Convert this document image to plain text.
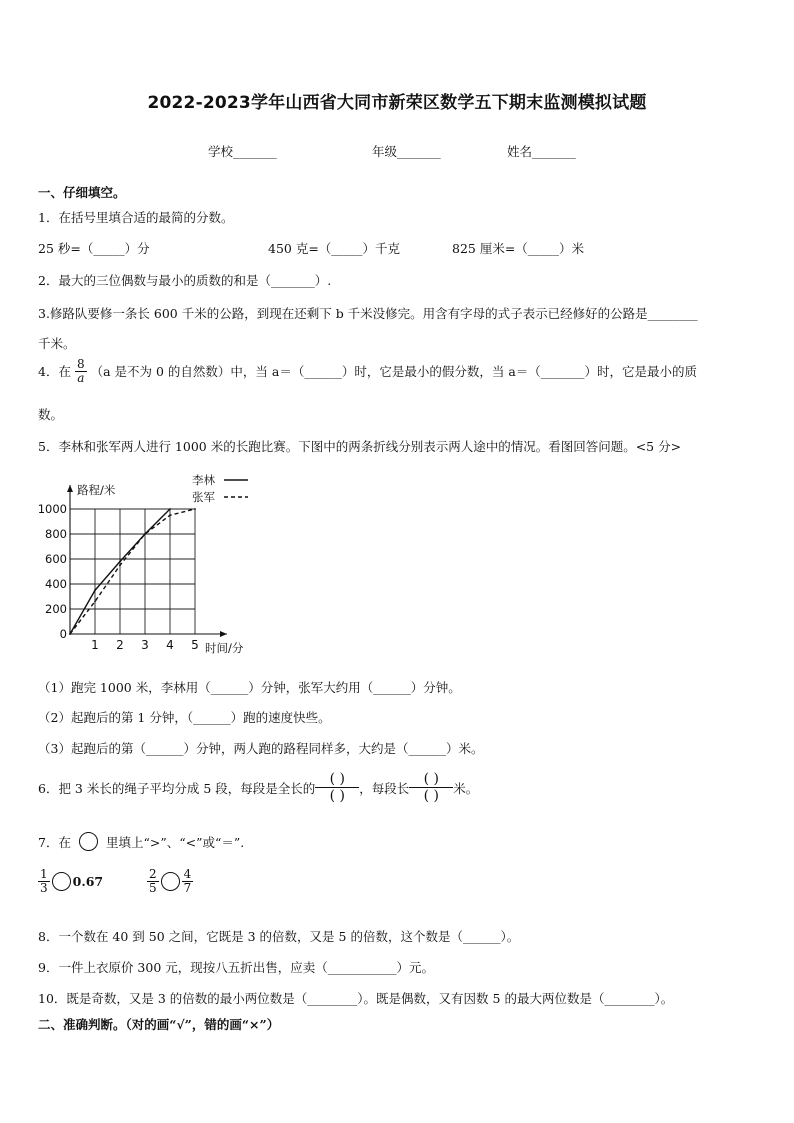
2022-2023学年山西省大同市新荣区数学五下期末监测模拟试题
学校_______	年级_______	姓名_______
一、仔细填空。
1．在括号里填合适的最简的分数。
25 秒=（_____）分	450 克=（_____）千克	825 厘米=（_____）米
2．最大的三位偶数与最小的质数的和是（_______）.
3.修路队要修一条长 600 千米的公路，到现在还剩下 b 千米没修完。用含有字母的式子表示已经修好的公路是________
千米。
4．在 $\frac{8}{a} (a$ 是不为 0 的自然数）中，当 a＝（______）时，它是最小的假分数，当 a＝（_______）时，它是最小的质
数。
5．李林和张军两人进行 1000 米的长跑比赛。下图中的两条折线分别表示两人途中的情况。看图回答问题。<5 分>
1 2 3 4 5
0
200
400
600
800
1000
路程/米
时间/分
李林
张军
（1）跑完 1000 米，李林用（______）分钟，张军大约用（______）分钟。
（2）起跑后的第 1 分钟，（______）跑的速度快些。
（3）起跑后的第（______）分钟，两人跑的路程同样多，大约是（______）米。
6．把 3 米长的绳子平均分成 5 段，每段是全长的 $\frac{( )}{( )}$ ，每段长 $\frac{( )}{( )}$ 米。
7．在	里填上“>”、“<”或“＝”.
$\frac{1}{3} 0.67$	$\frac{2}{5} \frac{4}{7}$
8．一个数在 40 到 50 之间，它既是 3 的倍数，又是 5 的倍数，这个数是（______）。
9．一件上衣原价 300 元，现按八五折出售，应卖（___________）元。
10．既是奇数，又是 3 的倍数的最小两位数是（________）。既是偶数，又有因数 5 的最大两位数是（________）。
二、准确判断。（对的画“√”，错的画“×”）
